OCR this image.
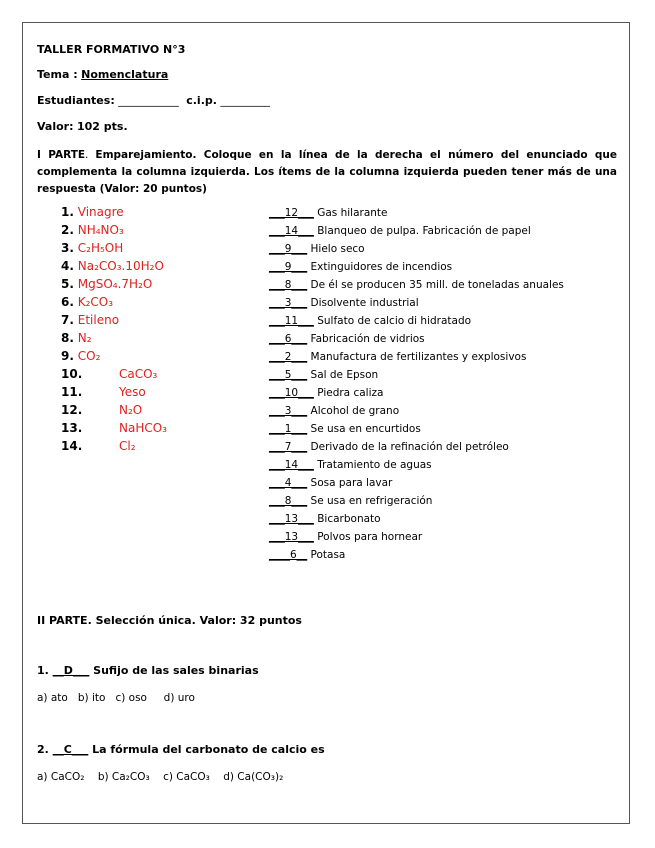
TALLER FORMATIVO N°3
Tema : Nomenclatura
Estudiantes: ___________ c.i.p. _________
Valor: 102 pts.
I PARTE. Emparejamiento. Coloque en la línea de la derecha el número del enunciado que complementa la columna izquierda. Los ítems de la columna izquierda pueden tener más de una respuesta (Valor: 20 puntos)
1. Vinagre
2. NH₄NO₃
3. C₂H₅OH
4. Na₂CO₃.10H₂O
5. MgSO₄.7H₂O
6. K₂CO₃
7. Etileno
8. N₂
9. CO₂
10.	CaCO₃
11.	Yeso
12.	N₂O
13.	NaHCO₃
14.	Cl₂
___12___ Gas hilarante
___14___ Blanqueo de pulpa. Fabricación de papel
___9___ Hielo seco
___9___ Extinguidores de incendios
___8___ De él se producen 35 mill. de toneladas anuales
___3___ Disolvente industrial
___11___ Sulfato de calcio di hidratado
___6___ Fabricación de vidrios
___2___ Manufactura de fertilizantes y explosivos
___5___ Sal de Epson
___10___ Piedra caliza
___3___ Alcohol de grano
___1___ Se usa en encurtidos
___7___ Derivado de la refinación del petróleo
___14___ Tratamiento de aguas
___4___ Sosa para lavar
___8___ Se usa en refrigeración
___13___ Bicarbonato
___13___ Polvos para hornear
____6__ Potasa
II PARTE. Selección única. Valor: 32 puntos
1. __D___ Sufijo de las sales binarias
a) ato b) ito c) oso d) uro
2. __C___ La fórmula del carbonato de calcio es
a) CaCO₂ b) Ca₂CO₃ c) CaCO₃ d) Ca(CO₃)₂
